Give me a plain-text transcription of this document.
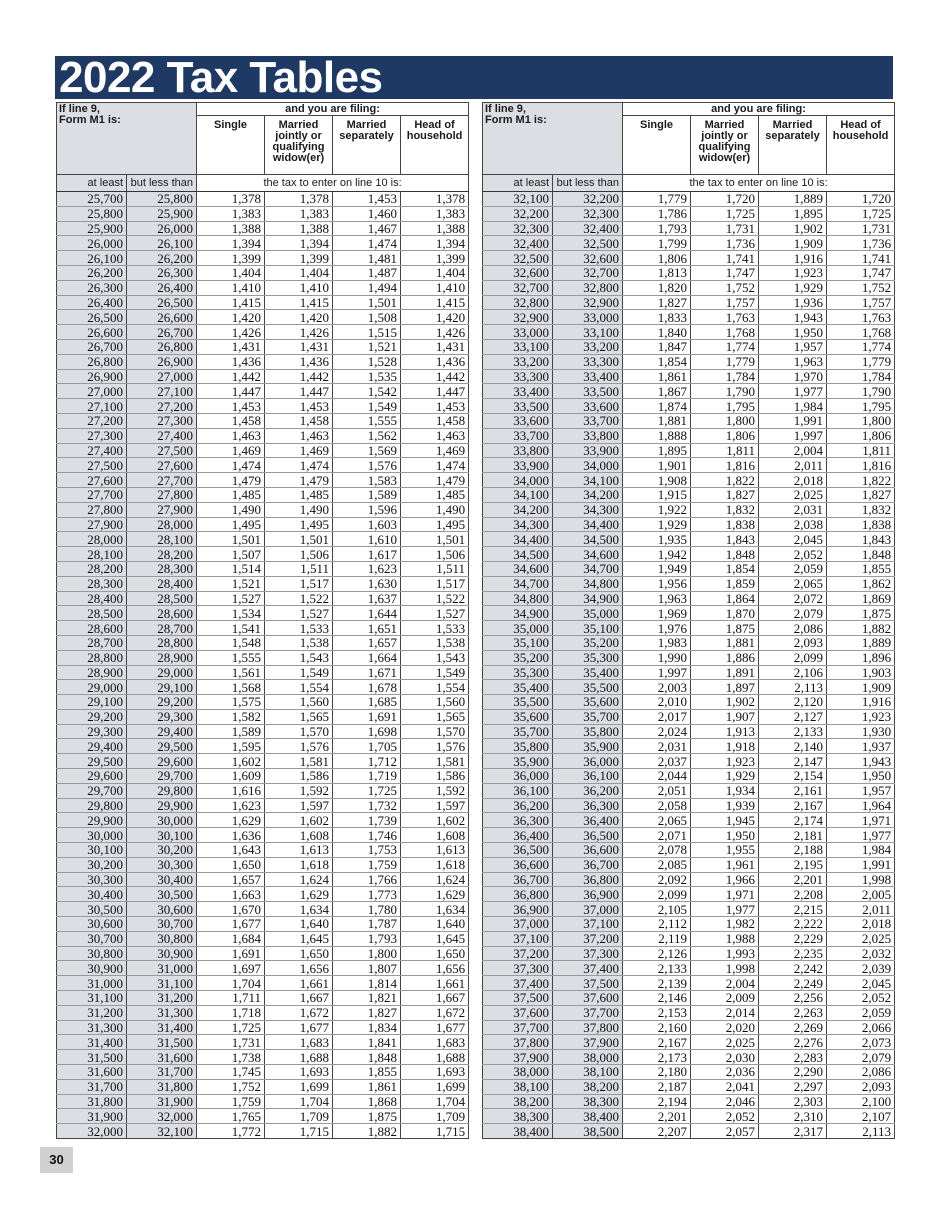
2022 Tax Tables
If line 9,
Form M1 is:		and you are filing:			
		Single	Married jointly or qualifying widow(er)	Married separately	Head of household
at least	but less than	the tax to enter on line 10 is:			
25,700	25,800	1,378	1,378	1,453	1,378
25,800	25,900	1,383	1,383	1,460	1,383
25,900	26,000	1,388	1,388	1,467	1,388
26,000	26,100	1,394	1,394	1,474	1,394
26,100	26,200	1,399	1,399	1,481	1,399
26,200	26,300	1,404	1,404	1,487	1,404
26,300	26,400	1,410	1,410	1,494	1,410
26,400	26,500	1,415	1,415	1,501	1,415
26,500	26,600	1,420	1,420	1,508	1,420
26,600	26,700	1,426	1,426	1,515	1,426
26,700	26,800	1,431	1,431	1,521	1,431
26,800	26,900	1,436	1,436	1,528	1,436
26,900	27,000	1,442	1,442	1,535	1,442
27,000	27,100	1,447	1,447	1,542	1,447
27,100	27,200	1,453	1,453	1,549	1,453
27,200	27,300	1,458	1,458	1,555	1,458
27,300	27,400	1,463	1,463	1,562	1,463
27,400	27,500	1,469	1,469	1,569	1,469
27,500	27,600	1,474	1,474	1,576	1,474
27,600	27,700	1,479	1,479	1,583	1,479
27,700	27,800	1,485	1,485	1,589	1,485
27,800	27,900	1,490	1,490	1,596	1,490
27,900	28,000	1,495	1,495	1,603	1,495
28,000	28,100	1,501	1,501	1,610	1,501
28,100	28,200	1,507	1,506	1,617	1,506
28,200	28,300	1,514	1,511	1,623	1,511
28,300	28,400	1,521	1,517	1,630	1,517
28,400	28,500	1,527	1,522	1,637	1,522
28,500	28,600	1,534	1,527	1,644	1,527
28,600	28,700	1,541	1,533	1,651	1,533
28,700	28,800	1,548	1,538	1,657	1,538
28,800	28,900	1,555	1,543	1,664	1,543
28,900	29,000	1,561	1,549	1,671	1,549
29,000	29,100	1,568	1,554	1,678	1,554
29,100	29,200	1,575	1,560	1,685	1,560
29,200	29,300	1,582	1,565	1,691	1,565
29,300	29,400	1,589	1,570	1,698	1,570
29,400	29,500	1,595	1,576	1,705	1,576
29,500	29,600	1,602	1,581	1,712	1,581
29,600	29,700	1,609	1,586	1,719	1,586
29,700	29,800	1,616	1,592	1,725	1,592
29,800	29,900	1,623	1,597	1,732	1,597
29,900	30,000	1,629	1,602	1,739	1,602
30,000	30,100	1,636	1,608	1,746	1,608
30,100	30,200	1,643	1,613	1,753	1,613
30,200	30,300	1,650	1,618	1,759	1,618
30,300	30,400	1,657	1,624	1,766	1,624
30,400	30,500	1,663	1,629	1,773	1,629
30,500	30,600	1,670	1,634	1,780	1,634
30,600	30,700	1,677	1,640	1,787	1,640
30,700	30,800	1,684	1,645	1,793	1,645
30,800	30,900	1,691	1,650	1,800	1,650
30,900	31,000	1,697	1,656	1,807	1,656
31,000	31,100	1,704	1,661	1,814	1,661
31,100	31,200	1,711	1,667	1,821	1,667
31,200	31,300	1,718	1,672	1,827	1,672
31,300	31,400	1,725	1,677	1,834	1,677
31,400	31,500	1,731	1,683	1,841	1,683
31,500	31,600	1,738	1,688	1,848	1,688
31,600	31,700	1,745	1,693	1,855	1,693
31,700	31,800	1,752	1,699	1,861	1,699
31,800	31,900	1,759	1,704	1,868	1,704
31,900	32,000	1,765	1,709	1,875	1,709
32,000	32,100	1,772	1,715	1,882	1,715
If line 9,
Form M1 is:		and you are filing:			
		Single	Married jointly or qualifying widow(er)	Married separately	Head of household
at least	but less than	the tax to enter on line 10 is:			
32,100	32,200	1,779	1,720	1,889	1,720
32,200	32,300	1,786	1,725	1,895	1,725
32,300	32,400	1,793	1,731	1,902	1,731
32,400	32,500	1,799	1,736	1,909	1,736
32,500	32,600	1,806	1,741	1,916	1,741
32,600	32,700	1,813	1,747	1,923	1,747
32,700	32,800	1,820	1,752	1,929	1,752
32,800	32,900	1,827	1,757	1,936	1,757
32,900	33,000	1,833	1,763	1,943	1,763
33,000	33,100	1,840	1,768	1,950	1,768
33,100	33,200	1,847	1,774	1,957	1,774
33,200	33,300	1,854	1,779	1,963	1,779
33,300	33,400	1,861	1,784	1,970	1,784
33,400	33,500	1,867	1,790	1,977	1,790
33,500	33,600	1,874	1,795	1,984	1,795
33,600	33,700	1,881	1,800	1,991	1,800
33,700	33,800	1,888	1,806	1,997	1,806
33,800	33,900	1,895	1,811	2,004	1,811
33,900	34,000	1,901	1,816	2,011	1,816
34,000	34,100	1,908	1,822	2,018	1,822
34,100	34,200	1,915	1,827	2,025	1,827
34,200	34,300	1,922	1,832	2,031	1,832
34,300	34,400	1,929	1,838	2,038	1,838
34,400	34,500	1,935	1,843	2,045	1,843
34,500	34,600	1,942	1,848	2,052	1,848
34,600	34,700	1,949	1,854	2,059	1,855
34,700	34,800	1,956	1,859	2,065	1,862
34,800	34,900	1,963	1,864	2,072	1,869
34,900	35,000	1,969	1,870	2,079	1,875
35,000	35,100	1,976	1,875	2,086	1,882
35,100	35,200	1,983	1,881	2,093	1,889
35,200	35,300	1,990	1,886	2,099	1,896
35,300	35,400	1,997	1,891	2,106	1,903
35,400	35,500	2,003	1,897	2,113	1,909
35,500	35,600	2,010	1,902	2,120	1,916
35,600	35,700	2,017	1,907	2,127	1,923
35,700	35,800	2,024	1,913	2,133	1,930
35,800	35,900	2,031	1,918	2,140	1,937
35,900	36,000	2,037	1,923	2,147	1,943
36,000	36,100	2,044	1,929	2,154	1,950
36,100	36,200	2,051	1,934	2,161	1,957
36,200	36,300	2,058	1,939	2,167	1,964
36,300	36,400	2,065	1,945	2,174	1,971
36,400	36,500	2,071	1,950	2,181	1,977
36,500	36,600	2,078	1,955	2,188	1,984
36,600	36,700	2,085	1,961	2,195	1,991
36,700	36,800	2,092	1,966	2,201	1,998
36,800	36,900	2,099	1,971	2,208	2,005
36,900	37,000	2,105	1,977	2,215	2,011
37,000	37,100	2,112	1,982	2,222	2,018
37,100	37,200	2,119	1,988	2,229	2,025
37,200	37,300	2,126	1,993	2,235	2,032
37,300	37,400	2,133	1,998	2,242	2,039
37,400	37,500	2,139	2,004	2,249	2,045
37,500	37,600	2,146	2,009	2,256	2,052
37,600	37,700	2,153	2,014	2,263	2,059
37,700	37,800	2,160	2,020	2,269	2,066
37,800	37,900	2,167	2,025	2,276	2,073
37,900	38,000	2,173	2,030	2,283	2,079
38,000	38,100	2,180	2,036	2,290	2,086
38,100	38,200	2,187	2,041	2,297	2,093
38,200	38,300	2,194	2,046	2,303	2,100
38,300	38,400	2,201	2,052	2,310	2,107
38,400	38,500	2,207	2,057	2,317	2,113
30
